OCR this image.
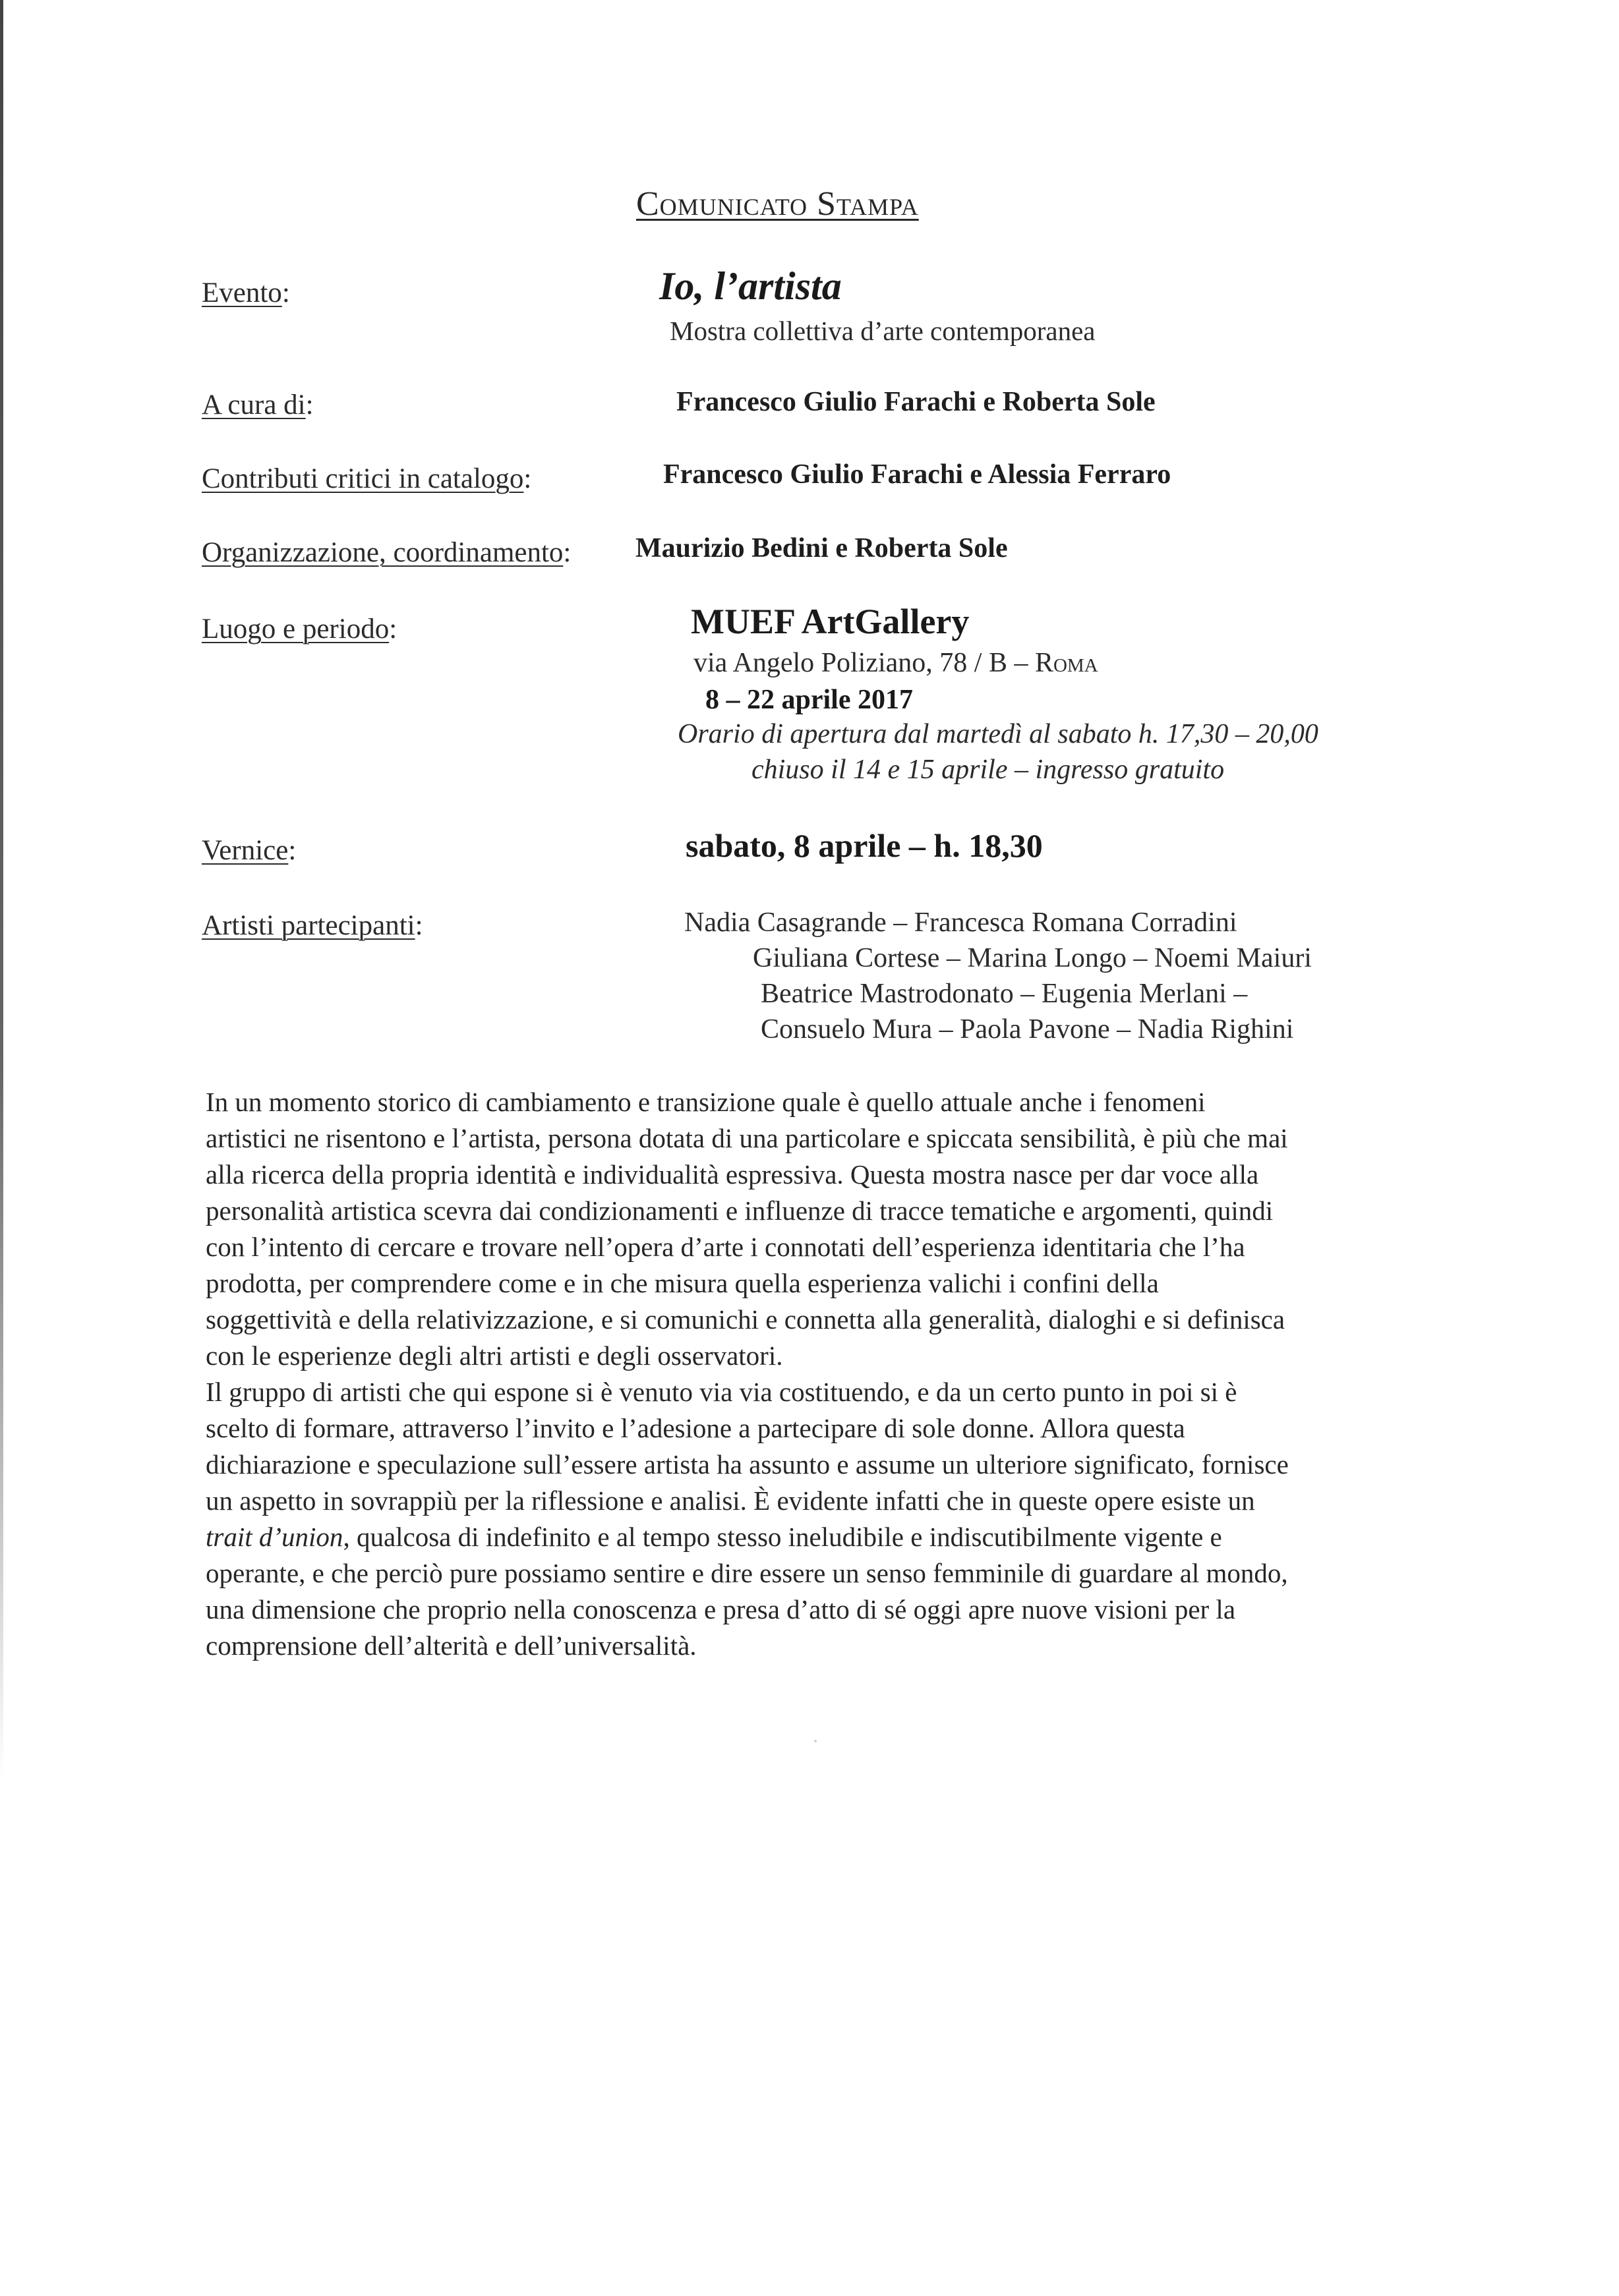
Comunicato Stampa
Evento:	Io, l’artista
Mostra collettiva d’arte contemporanea
A cura di:	Francesco Giulio Farachi e Roberta Sole
Contributi critici in catalogo:	Francesco Giulio Farachi e Alessia Ferraro
Organizzazione, coordinamento: Maurizio Bedini e Roberta Sole
Luogo e periodo:	MUEF ArtGallery
via Angelo Poliziano, 78 / B – Roma
8 – 22 aprile 2017
Orario di apertura dal martedì al sabato h. 17,30 – 20,00
chiuso il 14 e 15 aprile – ingresso gratuito
Vernice:	sabato, 8 aprile – h. 18,30
Artisti partecipanti:	Nadia Casagrande – Francesca Romana Corradini
Giuliana Cortese – Marina Longo – Noemi Maiuri
Beatrice Mastrodonato – Eugenia Merlani –
Consuelo Mura – Paola Pavone – Nadia Righini

In un momento storico di cambiamento e transizione quale è quello attuale anche i fenomeni
artistici ne risentono e l’artista, persona dotata di una particolare e spiccata sensibilità, è più che mai
alla ricerca della propria identità e individualità espressiva. Questa mostra nasce per dar voce alla
personalità artistica scevra dai condizionamenti e influenze di tracce tematiche e argomenti, quindi
con l’intento di cercare e trovare nell’opera d’arte i connotati dell’esperienza identitaria che l’ha
prodotta, per comprendere come e in che misura quella esperienza valichi i confini della
soggettività e della relativizzazione, e si comunichi e connetta alla generalità, dialoghi e si definisca
con le esperienze degli altri artisti e degli osservatori.

Il gruppo di artisti che qui espone si è venuto via via costituendo, e da un certo punto in poi si è
scelto di formare, attraverso l’invito e l’adesione a partecipare di sole donne. Allora questa
dichiarazione e speculazione sull’essere artista ha assunto e assume un ulteriore significato, fornisce
un aspetto in sovrappiù per la riflessione e analisi. È evidente infatti che in queste opere esiste un
trait d’union, qualcosa di indefinito e al tempo stesso ineludibile e indiscutibilmente vigente e
operante, e che perciò pure possiamo sentire e dire essere un senso femminile di guardare al mondo,
una dimensione che proprio nella conoscenza e presa d’atto di sé oggi apre nuove visioni per la
comprensione dell’alterità e dell’universalità.
